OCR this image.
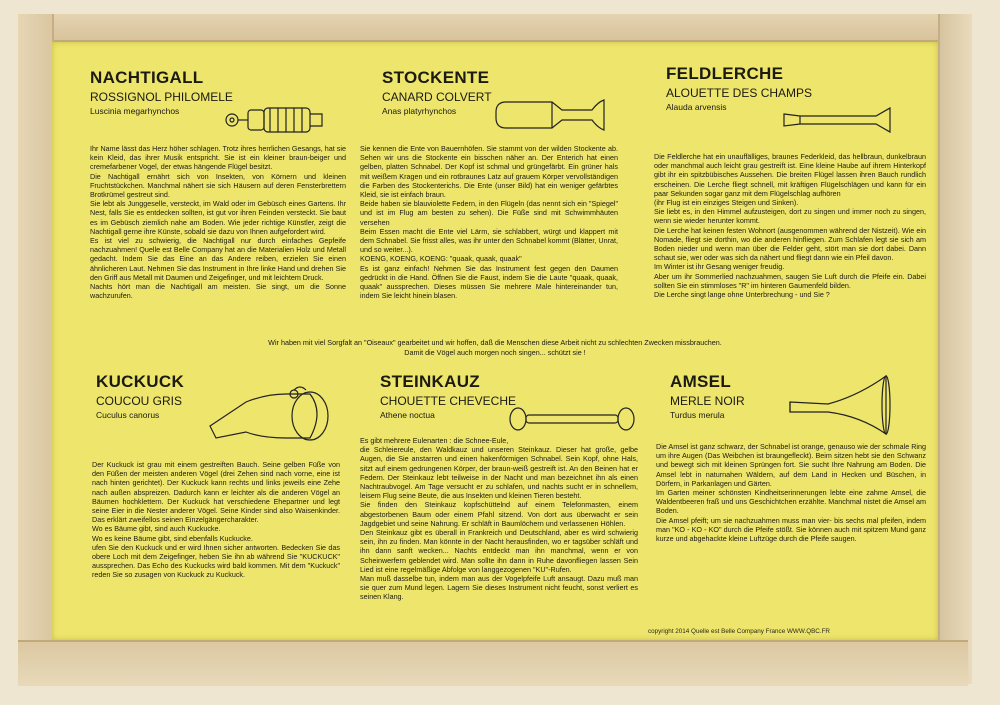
NACHTIGALL
ROSSIGNOL PHILOMELE
Luscinia megarhynchos
Ihr Name lässt das Herz höher schlagen. Trotz ihres herrlichen Gesangs, hat sie kein Kleid, das ihrer Musik entspricht. Sie ist ein kleiner braun-beiger und cremefarbener Vogel, der etwas hängende Flügel besitzt.
Die Nachtigall ernährt sich von Insekten, von Körnern und kleinen Fruchtstückchen. Manchmal nähert sie sich Häusern auf deren Fensterbrettern Brotkrümel gestreut sind.
Sie lebt als Junggeselle, versteckt, im Wald oder im Gebüsch eines Gartens. Ihr Nest, falls Sie es entdecken sollten, ist gut vor ihren Feinden versteckt. Sie baut es im Gebüsch ziemlich nahe am Boden. Wie jeder richtige Künstler, zeigt die Nachtigall gerne ihre Künste, sobald sie dazu von Ihnen aufgefordert wird.
Es ist viel zu schwierig, die Nachtigall nur durch einfaches Gepfeife nachzuahmen! Quelle est Belle Company hat an die Materialien Holz und Metall gedacht. Indem Sie das Eine an das Andere reiben, erzielen Sie einen ähnlicheren Laut. Nehmen Sie das Instrument in Ihre linke Hand und drehen Sie den Griff aus Metall mit Daumen und Zeigefinger, und mit leichtem Druck.
Nachts hört man die Nachtigall am meisten. Sie singt, um die Sonne wachzurufen.
STOCKENTE
CANARD COLVERT
Anas platyrhynchos
Sie kennen die Ente von Bauernhöfen. Sie stammt von der wilden Stockente ab. Sehen wir uns die Stockente ein bisschen näher an. Der Enterich hat einen gelben, platten Schnabel. Der Kopf ist schmal und grüngefärbt. Ein grüner hals mit weißem Kragen und ein rotbraunes Latz auf grauem Körper vervollständigen die Farben des Stockenterichs. Die Ente (unser Bild) hat ein weniger gefärbtes Kleid, sie ist einfach braun.
Beide haben sie blauviolette Federn, in den Flügeln (das nennt sich ein "Spiegel" und ist im Flug am besten zu sehen). Die Füße sind mit Schwimmhäuten versehen
Beim Essen macht die Ente viel Lärm, sie schlabbert, würgt und klappert mit dem Schnabel. Sie frisst alles, was ihr unter den Schnabel kommt (Blätter, Unrat, und so weiter...).
KOENG, KOENG, KOENG: "quaak, quaak, quaak"
Es ist ganz einfach! Nehmen Sie das Instrument fest gegen den Daumen gedrückt in die Hand. Öffnen Sie die Faust, indem Sie die Laute "quaak, quaak, quaak" aussprechen. Dieses müssen Sie mehrere Male hintereinander tun, indem Sie leicht hinein blasen.
FELDLERCHE
ALOUETTE DES CHAMPS
Alauda arvensis
Die Feldlerche hat ein unauffälliges, braunes Federkleid, das hellbraun, dunkelbraun oder manchmal auch leicht grau gestreift ist. Eine kleine Haube auf ihrem Hinterkopf gibt ihr ein spitzbübisches Aussehen. Die breiten Flügel lassen ihren Bauch rundlich erscheinen. Die Lerche fliegt schnell, mit kräftigen Flügelschlägen und kann für ein paar Sekunden sogar ganz mit dem Flügelschlag aufhören
(ihr Flug ist ein einziges Steigen und Sinken).
Sie liebt es, in den Himmel aufzusteigen, dort zu singen und immer noch zu singen, wenn sie wieder herunter kommt.
Die Lerche hat keinen festen Wohnort (ausgenommen während der Nistzeit). Wie ein Nomade, fliegt sie dorthin, wo die anderen hinfliegen. Zum Schlafen legt sie sich am Boden nieder und wenn man über die Felder geht, stört man sie dort dabei. Dann schaut sie, wer oder was sich da nähert und fliegt dann wie ein Pfeil davon.
Im Winter ist ihr Gesang weniger freudig.
Aber um ihr Sommerlied nachzuahmen, saugen Sie Luft durch die Pfeife ein. Dabei sollten Sie ein stimmloses "R" im hinteren Gaumenfeld bilden.
Die Lerche singt lange ohne Unterbrechung - und Sie ?
Wir haben mit viel Sorgfalt an "Oiseaux" gearbeitet und wir hoffen, daß die Menschen diese Arbeit nicht zu schlechten Zwecken missbrauchen.
Damit die Vögel auch morgen noch singen... schützt sie !
KUCKUCK
COUCOU GRIS
Cuculus canorus
Der Kuckuck ist grau mit einem gestreiften Bauch. Seine gelben Füße von den Füßen der meisten anderen Vögel (drei Zehen sind nach vorne, eine ist nach hinten gerichtet). Der Kuckuck kann rechts und links jeweils eine Zehe nach außen abspreizen. Dadurch kann er leichter als die anderen Vögel an Bäumen hochklettern. Der Kuckuck hat verschiedene Ehepartner und legt seine Eier in die Nester anderer Vögel. Seine Kinder sind also Waisenkinder. Das erklärt zweifellos seinen Einzelgängercharakter.
Wo es Bäume gibt, sind auch Kuckucke.
Wo es keine Bäume gibt, sind ebenfalls Kuckucke.
ufen Sie den Kuckuck und er wird Ihnen sicher antworten. Bedecken Sie das obere Loch mit dem Zeigefinger, heben Sie ihn ab während Sie "KUCKUCK" aussprechen. Das Echo des Kuckucks wird bald kommen. Mit dem "Kuckuck" reden Sie so zusagen von Kuckuck zu Kuckuck.
STEINKAUZ
CHOUETTE CHEVECHE
Athene noctua
Es gibt mehrere Eulenarten : die Schnee-Eule,
die Schleiereule, den Waldkauz und unseren Steinkauz. Dieser hat große, gelbe Augen, die Sie anstarren und einen hakenförmigen Schnabel. Sein Kopf, ohne Hals, sitzt auf einem gedrungenen Körper, der braun-weiß gestreift ist. An den Beinen hat er Federn. Der Steinkauz lebt teilweise in der Nacht und man bezeichnet ihn als einen Nachtraubvogel. Am Tage versucht er zu schlafen, und nachts sucht er in schnellem, leisem Flug seine Beute, die aus Insekten und kleinen Tieren besteht.
Sie finden den Steinkauz kopfschüttelnd auf einem Telefonmasten, einem abgestorbenen Baum oder einem Pfahl sitzend. Von dort aus überwacht er sein Jagdgebiet und seine Nahrung. Er schläft in Baumlöchern und verlassenen Höhlen.
Den Steinkauz gibt es überall in Frankreich und Deutschland, aber es wird schwierig sein, ihn zu finden. Man könnte in der Nacht herausfinden, wo er tagsüber schläft und ihn dann sanft wecken... Nachts entdeckt man ihn manchmal, wenn er von Scheinwerfern geblendet wird. Man sollte ihn dann in Ruhe davonfliegen lassen Sein Lied ist eine regelmäßige Abfolge von langgezogenen "KU"-Rufen.
Man muß dasselbe tun, indem man aus der Vogelpfeife Luft ansaugt. Dazu muß man sie quer zum Mund legen. Lagern Sie dieses Instrument nicht feucht, sonst verliert es seinen Klang.
AMSEL
MERLE NOIR
Turdus merula
Die Amsel ist ganz schwarz, der Schnabel ist orange, genauso wie der schmale Ring um ihre Augen (Das Weibchen ist braungefleckt). Beim sitzen hebt sie den Schwanz und bewegt sich mit kleinen Sprüngen fort. Sie sucht Ihre Nahrung am Boden. Die Amsel lebt in naturnahen Wäldern, auf dem Land in Hecken und Büschen, in Dörfern, in Parkanlagen und Gärten.
Im Garten meiner schönsten Kindheitserinnerungen lebte eine zahme Amsel, die Waldentbeeren fraß und uns Geschichtchen erzählte. Manchmal nistet die Amsel am Boden.
Die Amsel pfeift; um sie nachzuahmen muss man vier- bis sechs mal pfeifen, indem man "KO - KO - KO" durch die Pfeife stößt. Sie können auch mit spitzem Mund ganz kurze und abgehackte kleine Luftzüge durch die Pfeife saugen.
copyright 2014 Quelle est Belle Company France WWW.QBC.FR
